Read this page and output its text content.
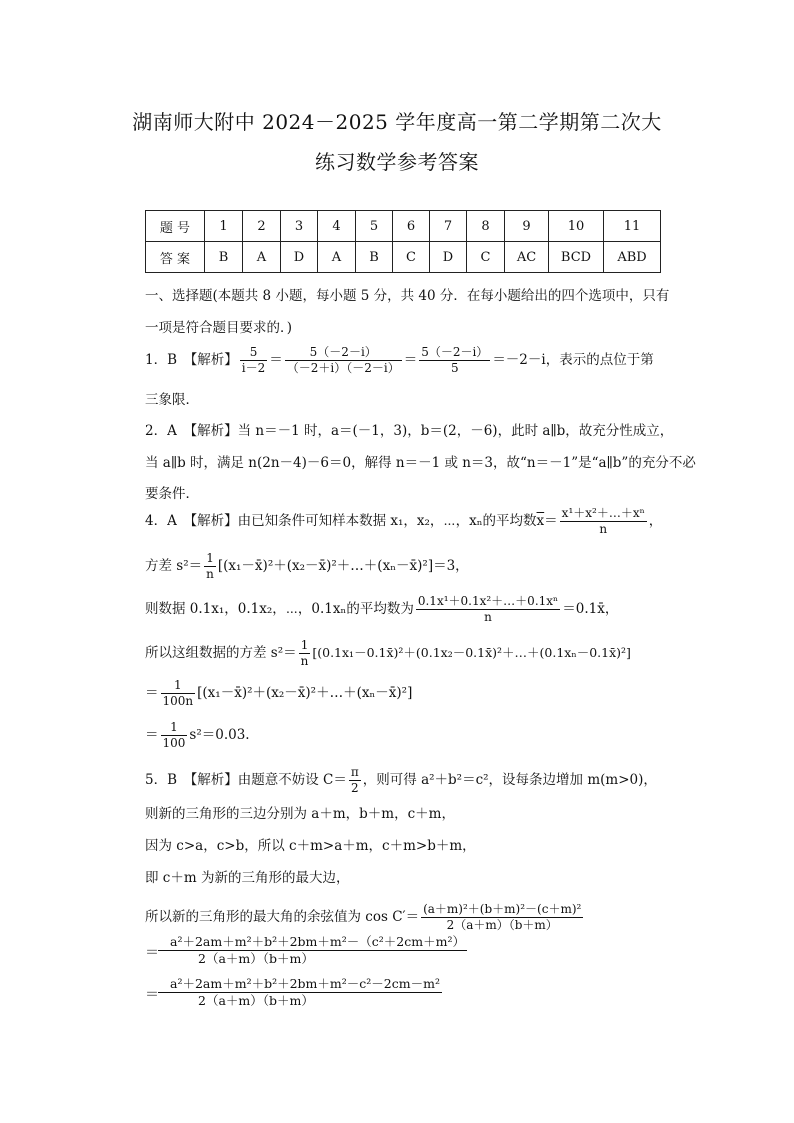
湖南师大附中 2024－2025 学年度高一第二学期第二次大
练习数学参考答案
题 号	1	2	3	4	5	6	7	8	9	10	11
答 案	B	A	D	A	B	C	D	C	AC	BCD	ABD
一、选择题(本题共 8 小题，每小题 5 分，共 40 分．在每小题给出的四个选项中，只有
一项是符合题目要求的．)
1．B　【解析】 $\frac{5}{i-2} = \frac{5(-2-i)}{(-2+i)(-2-i)} = \frac{5(-2-i)}{5} =-2-i$，表示的点位于第
三象限．
2．A　【解析】当 n＝－1 时，a＝(－1，3)，b＝(2，－6)，此时 a∥b，故充分性成立，
当 a∥b 时，满足 n(2n－4)－6＝0，解得 n＝－1 或 n＝3，故“n＝－1”是“a∥b”的充分不必
要条件．
4．A　【解析】由已知条件可知样本数据 x₁，x₂，⋯，xₙ的平均数$\overline{x}= \frac{\text{x¹＋x²＋…＋xⁿ}}{n}$ ，
方差 $s^2= \frac{1}{n}$ [(x₁－x̄)²＋(x₂－x̄)²＋…＋(xₙ－x̄)²]＝3，
则数据 0.1x₁，0.1x₂，⋯，0.1xₙ的平均数为 $\frac{\text{0.1x¹＋0.1x²＋…＋0.1xⁿ}}{n}$ ＝0.1x̄，
所以这组数据的方差 $s^2= \frac{1}{n}$ [(0.1x₁－0.1x̄)²＋(0.1x₂－0.1x̄)²＋…＋(0.1xₙ－0.1x̄)²]
＝ $\frac{1}{100n}$ [(x₁－x̄)²＋(x₂－x̄)²＋…＋(xₙ－x̄)²]
＝ $\frac{1}{100} s^2=0.03$.
5．B　【解析】由题意不妨设 $C= \frac{\pi}{2}$ ，则可得 a²＋b²＝c²，设每条边增加 m(m>0)，
则新的三角形的三边分别为 a＋m，b＋m，c＋m，
因为 c>a，c>b，所以 c＋m>a＋m，c＋m>b＋m，
即 c＋m 为新的三角形的最大边，
所以新的三角形的最大角的余弦值为 $\cos C'= \frac{\text{(a＋m)²＋(b＋m)²－(c＋m)²}}{2(a+m)(b+m)}$
＝ $\frac{\text{a²＋2am＋m²＋b²＋2bm＋m²－（c²＋2cm＋m²）}}{2(a+m)(b+m)}$
＝ $\frac{\text{a²＋2am＋m²＋b²＋2bm＋m²－c²－2cm－m²}}{2(a+m)(b+m)}$
